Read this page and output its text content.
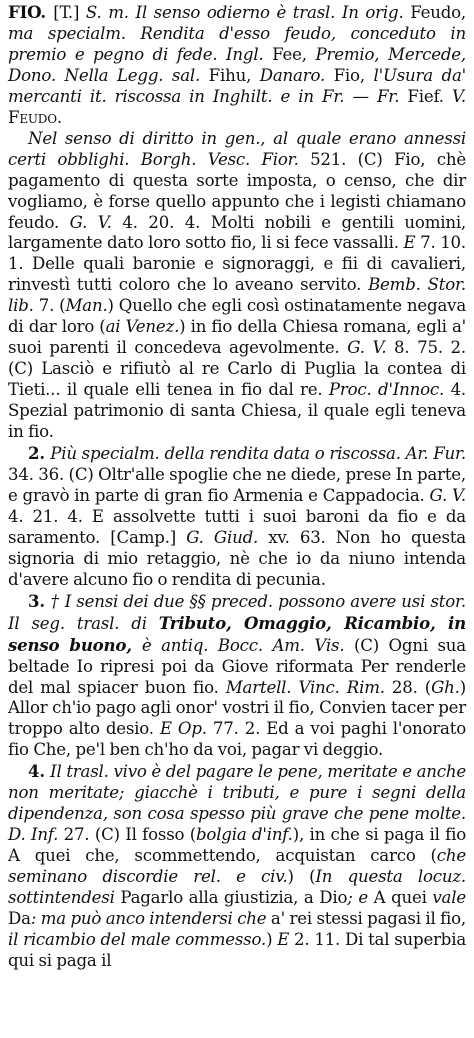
FIO. [T.] S. m. Il senso odierno è trasl. In orig. Feudo, ma specialm. Rendita d'esso feudo, conceduto in premio e pegno di fede. Ingl. Fee, Premio, Mercede, Dono. Nella Legg. sal. Fihu, Danaro. Fio, l'Usura da' mercanti it. riscossa in Inghilt. e in Fr. — Fr. Fief. V. Feudo.

Nel senso di diritto in gen., al quale erano annessi certi obblighi. Borgh. Vesc. Fior. 521. (C) Fio, chè pagamento di questa sorte imposta, o censo, che dir vogliamo, è forse quello appunto che i legisti chiamano feudo. G. V. 4. 20. 4. Molti nobili e gentili uomini, largamente dato loro sotto fio, li si fece vassalli. E 7. 10. 1. Delle quali baronie e signoraggi, e fii di cavalieri, rinvestì tutti coloro che lo aveano servito. Bemb. Stor. lib. 7. (Man.) Quello che egli così ostinatamente negava di dar loro (ai Venez.) in fio della Chiesa romana, egli a' suoi parenti il concedeva agevolmente. G. V. 8. 75. 2. (C) Lasciò e rifiutò al re Carlo di Puglia la contea di Tieti... il quale elli tenea in fio dal re. Proc. d'Innoc. 4. Spezial patrimonio di santa Chiesa, il quale egli teneva in fio.

2. Più specialm. della rendita data o riscossa. Ar. Fur. 34. 36. (C) Oltr'alle spoglie che ne diede, prese In parte, e gravò in parte di gran fio Armenia e Cappadocia. G. V. 4. 21. 4. E assolvette tutti i suoi baroni da fio e da saramento. [Camp.] G. Giud. xv. 63. Non ho questa signoria di mio retaggio, nè che io da niuno intenda d'avere alcuno fio o rendita di pecunia.

3. † I sensi dei due §§ preced. possono avere usi stor. Il seg. trasl. di Tributo, Omaggio, Ricambio, in senso buono, è antiq. Bocc. Am. Vis. (C) Ogni sua beltade Io ripresi poi da Giove riformata Per renderle del mal spiacer buon fio. Martell. Vinc. Rim. 28. (Gh.) Allor ch'io pago agli onor' vostri il fio, Convien tacer per troppo alto desio. E Op. 77. 2. Ed a voi paghi l'onorato fio Che, pe'l ben ch'ho da voi, pagar vi deggio.

4. Il trasl. vivo è del pagare le pene, meritate e anche non meritate; giacchè i tributi, e pure i segni della dipendenza, son cosa spesso più grave che pene molte. D. Inf. 27. (C) Il fosso (bolgia d'inf.), in che si paga il fio A quei che, scommettendo, acquistan carco (che seminano discordie rel. e civ.) (In questa locuz. sottintendesi Pagarlo alla giustizia, a Dio; e A quei vale Da: ma può anco intendersi che a' rei stessi pagasi il fio, il ricambio del male commesso.) E 2. 11. Di tal superbia qui si paga il
